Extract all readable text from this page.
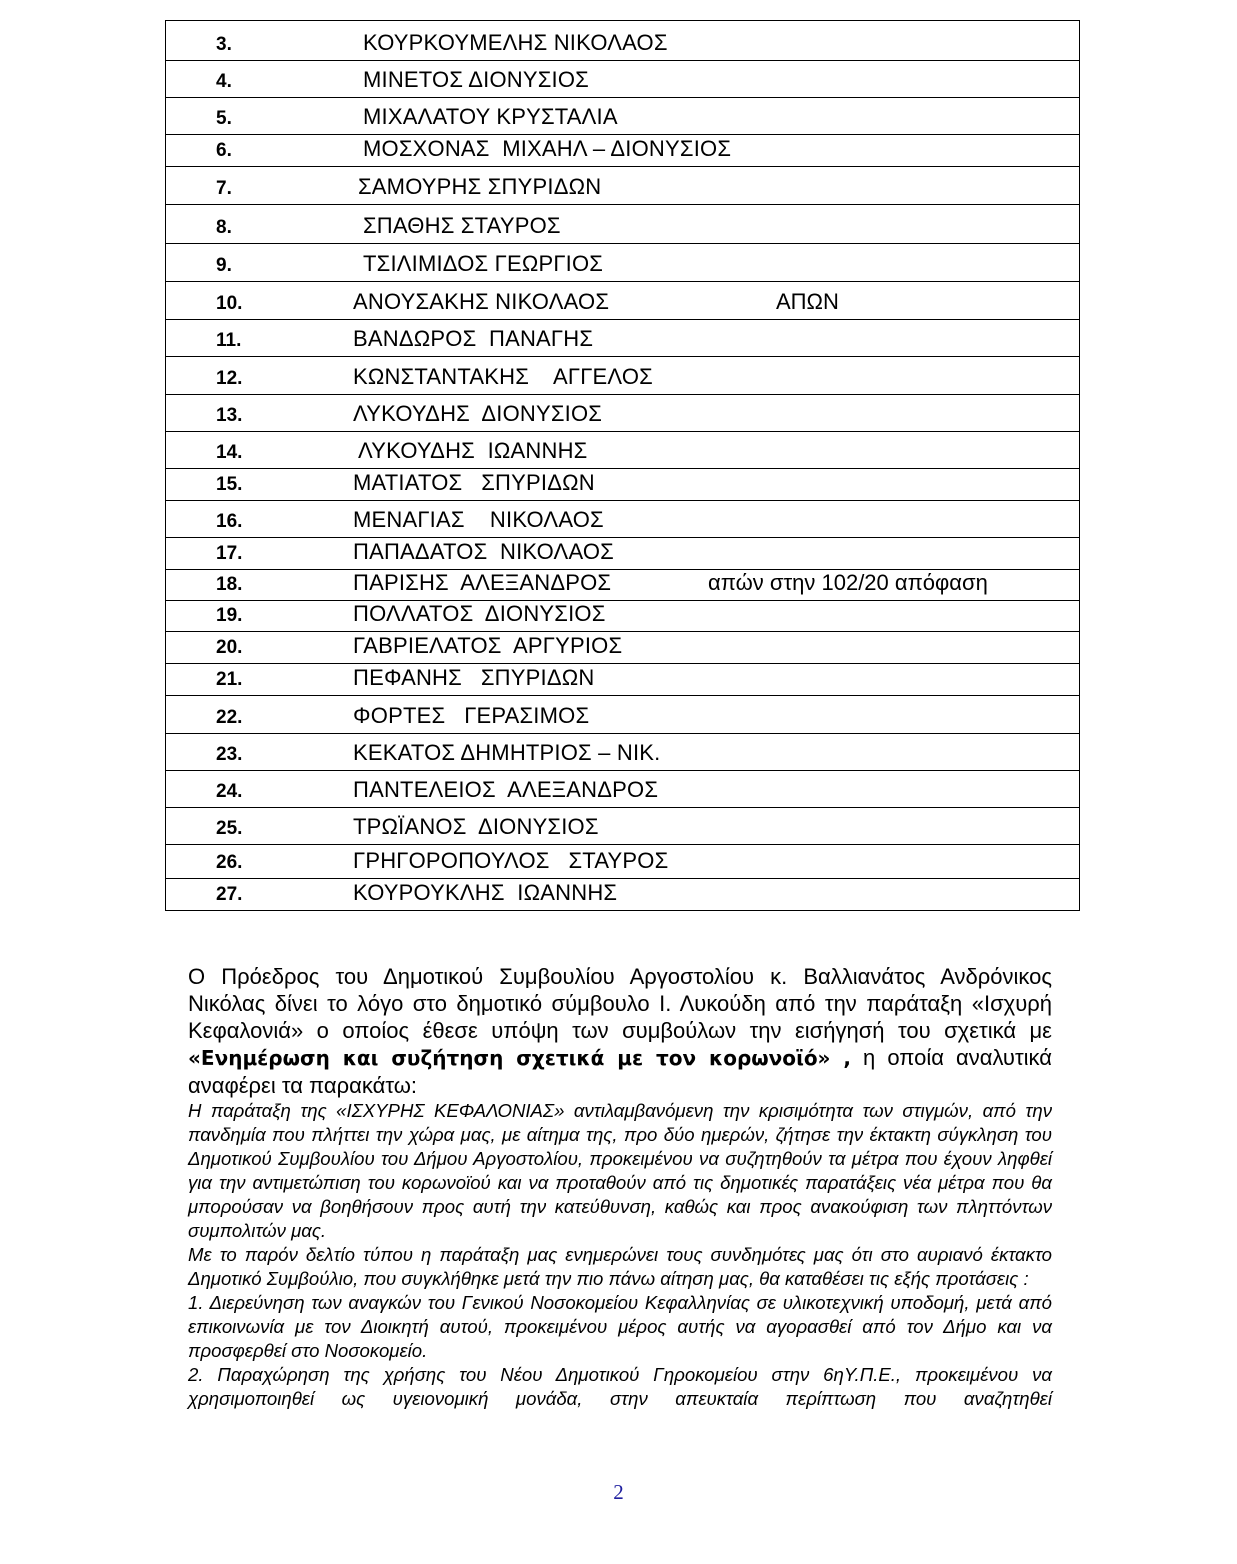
3.	ΚΟΥΡΚΟΥΜΕΛΗΣ ΝΙΚΟΛΑΟΣ
4.	ΜΙΝΕΤΟΣ ΔΙΟΝΥΣΙΟΣ
5.	ΜΙΧΑΛΑΤΟΥ ΚΡΥΣΤΑΛΙΑ
6.	ΜΟΣΧΟΝΑΣ  ΜΙΧΑΗΛ – ΔΙΟΝΥΣΙΟΣ
7.	ΣΑΜΟΥΡΗΣ ΣΠΥΡΙΔΩΝ
8.	ΣΠΑΘΗΣ ΣΤΑΥΡΟΣ
9.	ΤΣΙΛΙΜΙΔΟΣ ΓΕΩΡΓΙΟΣ
10.	ΑΝΟΥΣΑΚΗΣ ΝΙΚΟΛΑΟΣ	ΑΠΩΝ
11.	ΒΑΝΔΩΡΟΣ  ΠΑΝΑΓΗΣ
12.	ΚΩΝΣΤΑΝΤΑΚΗΣ    ΑΓΓΕΛΟΣ
13.	ΛΥΚΟΥΔΗΣ  ΔΙΟΝΥΣΙΟΣ
14.	ΛΥΚΟΥΔΗΣ  ΙΩΑΝΝΗΣ
15.	ΜΑΤΙΑΤΟΣ   ΣΠΥΡΙΔΩΝ
16.	ΜΕΝΑΓΙΑΣ    ΝΙΚΟΛΑΟΣ
17.	ΠΑΠΑΔΑΤΟΣ  ΝΙΚΟΛΑΟΣ
18.	ΠΑΡΙΣΗΣ  ΑΛΕΞΑΝΔΡΟΣ	απών στην 102/20 απόφαση
19.	ΠΟΛΛΑΤΟΣ  ΔΙΟΝΥΣΙΟΣ
20.	ΓΑΒΡΙΕΛΑΤΟΣ  ΑΡΓΥΡΙΟΣ
21.	ΠΕΦΑΝΗΣ   ΣΠΥΡΙΔΩΝ
22.	ΦΟΡΤΕΣ   ΓΕΡΑΣΙΜΟΣ
23.	ΚΕΚΑΤΟΣ ΔΗΜΗΤΡΙΟΣ – ΝΙΚ.
24.	ΠΑΝΤΕΛΕΙΟΣ  ΑΛΕΞΑΝΔΡΟΣ
25.	ΤΡΩΪΑΝΟΣ  ΔΙΟΝΥΣΙΟΣ
26.	ΓΡΗΓΟΡΟΠΟΥΛΟΣ   ΣΤΑΥΡΟΣ
27.	ΚΟΥΡΟΥΚΛΗΣ  ΙΩΑΝΝΗΣ

Ο Πρόεδρος του Δημοτικού Συμβουλίου Αργοστολίου κ. Βαλλιανάτος Ανδρόνικος Νικόλας δίνει το λόγο στο δημοτικό σύμβουλο Ι. Λυκούδη από την παράταξη «Ισχυρή Κεφαλονιά» ο οποίος έθεσε υπόψη των συμβούλων την εισήγησή του σχετικά με «Ενημέρωση και συζήτηση σχετικά με τον κορωνοϊό» , η οποία αναλυτικά αναφέρει τα παρακάτω:

Η παράταξη της «ΙΣΧΥΡΗΣ ΚΕΦΑΛΟΝΙΑΣ» αντιλαμβανόμενη την κρισιμότητα των στιγμών, από την πανδημία που πλήττει την χώρα μας, με αίτημα της, προ δύο ημερών, ζήτησε την έκτακτη σύγκληση του Δημοτικού Συμβουλίου του Δήμου Αργοστολίου, προκειμένου να συζητηθούν τα μέτρα που έχουν ληφθεί για την αντιμετώπιση του κορωνοϊού και να προταθούν από τις δημοτικές παρατάξεις νέα μέτρα που θα μπορούσαν να βοηθήσουν προς αυτή την κατεύθυνση, καθώς και προς ανακούφιση των πληττόντων συμπολιτών μας.

Με το παρόν δελτίο τύπου η παράταξη μας ενημερώνει τους συνδημότες μας ότι στο αυριανό έκτακτο Δημοτικό Συμβούλιο, που συγκλήθηκε μετά την πιο πάνω αίτηση μας, θα καταθέσει τις εξής προτάσεις :

1. Διερεύνηση των αναγκών του Γενικού Νοσοκομείου Κεφαλληνίας σε υλικοτεχνική υποδομή, μετά από επικοινωνία με τον Διοικητή αυτού, προκειμένου μέρος αυτής να αγορασθεί από τον Δήμο και να προσφερθεί στο Νοσοκομείο.

2. Παραχώρηση της χρήσης του Νέου Δημοτικού Γηροκομείου στην 6ηΥ.Π.Ε., προκειμένου να χρησιμοποιηθεί ως υγειονομική μονάδα, στην απευκταία περίπτωση που αναζητηθεί

2
